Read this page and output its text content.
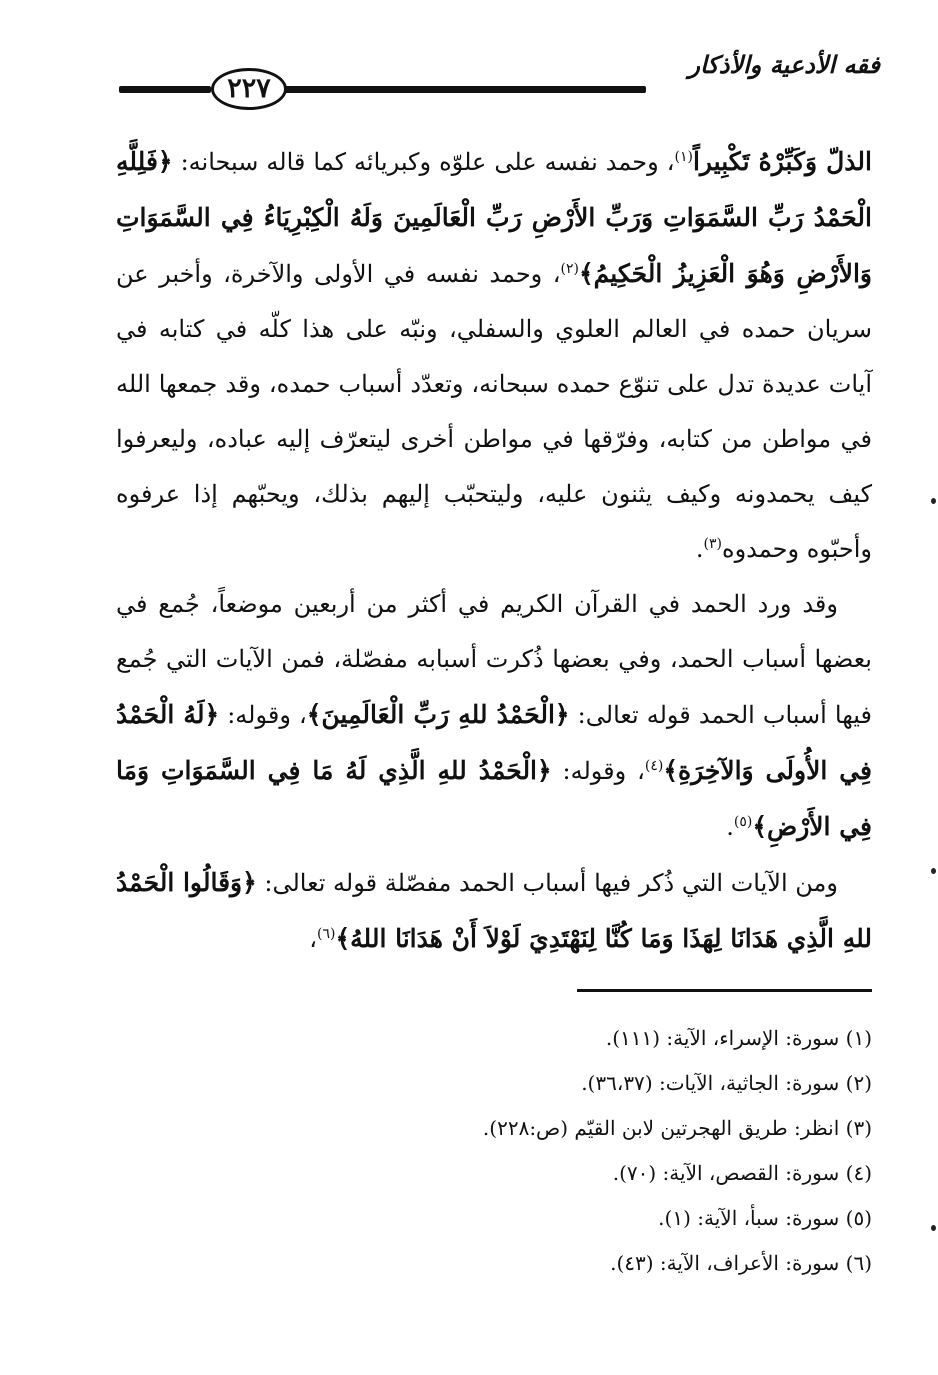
فقه الأدعية والأذكار
٢٢٧

الذلّ وَكَبِّرْهُ تَكْبِيراً$^{(١)}$، وحمد نفسه على علوّه وكبريائه كما قاله سبحانه: ﴿فَلِلَّهِ الْحَمْدُ رَبِّ السَّمَوَاتِ وَرَبِّ الأَرْضِ رَبِّ الْعَالَمِينَ وَلَهُ الْكِبْرِيَاءُ فِي السَّمَوَاتِ وَالأَرْضِ وَهُوَ الْعَزِيزُ الْحَكِيمُ﴾$^{(٢)}$، وحمد نفسه في الأولى والآخرة، وأخبر عن سريان حمده في العالم العلوي والسفلي، ونبّه على هذا كلّه في كتابه في آيات عديدة تدل على تنوّع حمده سبحانه، وتعدّد أسباب حمده، وقد جمعها الله في مواطن من كتابه، وفرّقها في مواطن أخرى ليتعرّف إليه عباده، وليعرفوا كيف يحمدونه وكيف يثنون عليه، وليتحبّب إليهم بذلك، ويحبّهم إذا عرفوه وأحبّوه وحمدوه$^{(٣)}$.

وقد ورد الحمد في القرآن الكريم في أكثر من أربعين موضعاً، جُمع في بعضها أسباب الحمد، وفي بعضها ذُكرت أسبابه مفصّلة، فمن الآيات التي جُمع فيها أسباب الحمد قوله تعالى: ﴿الْحَمْدُ للهِ رَبِّ الْعَالَمِينَ﴾، وقوله: ﴿لَهُ الْحَمْدُ فِي الأُولَى وَالآخِرَةِ﴾$^{(٤)}$، وقوله: ﴿الْحَمْدُ للهِ الَّذِي لَهُ مَا فِي السَّمَوَاتِ وَمَا فِي الأَرْضِ﴾$^{(٥)}$.

ومن الآيات التي ذُكر فيها أسباب الحمد مفصّلة قوله تعالى: ﴿وَقَالُوا الْحَمْدُ للهِ الَّذِي هَدَانَا لِهَذَا وَمَا كُنَّا لِنَهْتَدِيَ لَوْلاَ أَنْ هَدَانَا اللهُ﴾$^{(٦)}$،

(١) سورة: الإسراء، الآية: (١١١).
(٢) سورة: الجاثية، الآيات: (٣٦،٣٧).
(٣) انظر: طريق الهجرتين لابن القيّم (ص:٢٢٨).
(٤) سورة: القصص، الآية: (٧٠).
(٥) سورة: سبأ، الآية: (١).
(٦) سورة: الأعراف، الآية: (٤٣).
